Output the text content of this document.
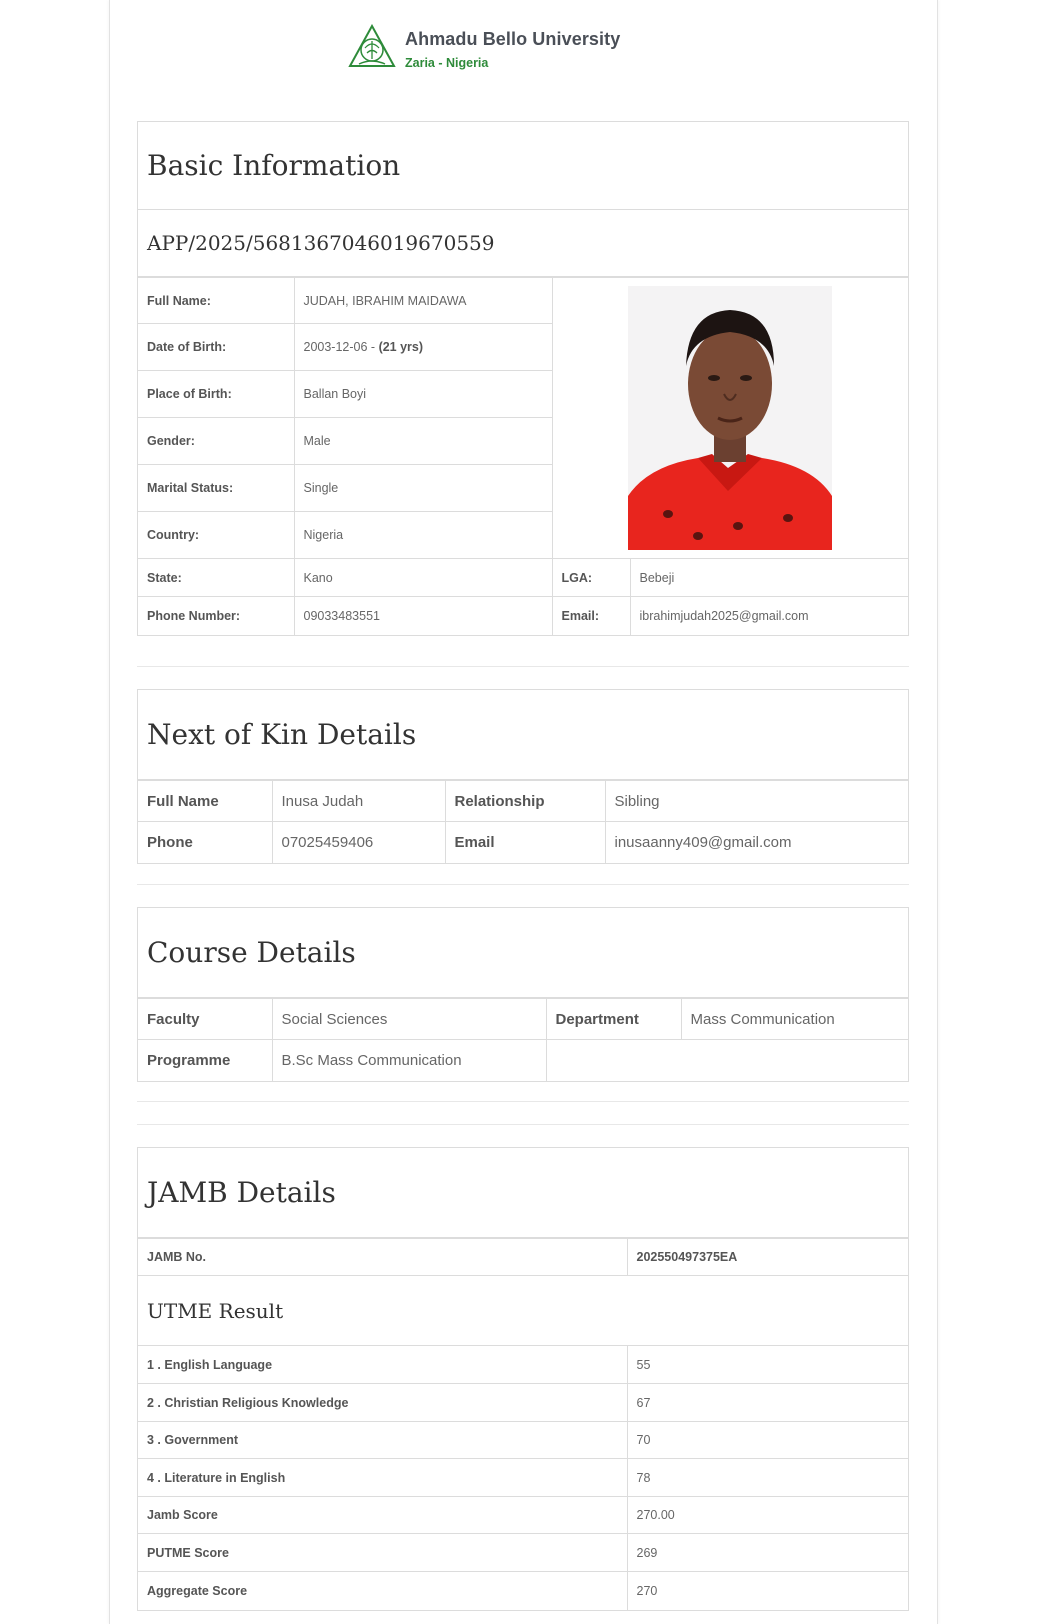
Ahmadu Bello University
Zaria - Nigeria
Basic Information
APP/2025/5681367046019670559
Full Name:	JUDAH, IBRAHIM MAIDAWA	

Date of Birth:	2003-12-06 - (21 yrs)		
Place of Birth:	Ballan Boyi		
Gender:	Male		
Marital Status:	Single		
Country:	Nigeria		
State:	Kano	LGA:	Bebeji
Phone Number:	09033483551	Email:	ibrahimjudah2025@gmail.com
Next of Kin Details
Full Name	Inusa Judah	Relationship	Sibling
Phone	07025459406	Email	inusaanny409@gmail.com
Course Details
Faculty	Social Sciences	Department	Mass Communication
Programme	B.Sc Mass Communication		
JAMB Details
JAMB No.	202550497375EA
UTME Result	
1 . English Language	55
2 . Christian Religious Knowledge	67
3 . Government	70
4 . Literature in English	78
Jamb Score	270.00
PUTME Score	269
Aggregate Score	270
